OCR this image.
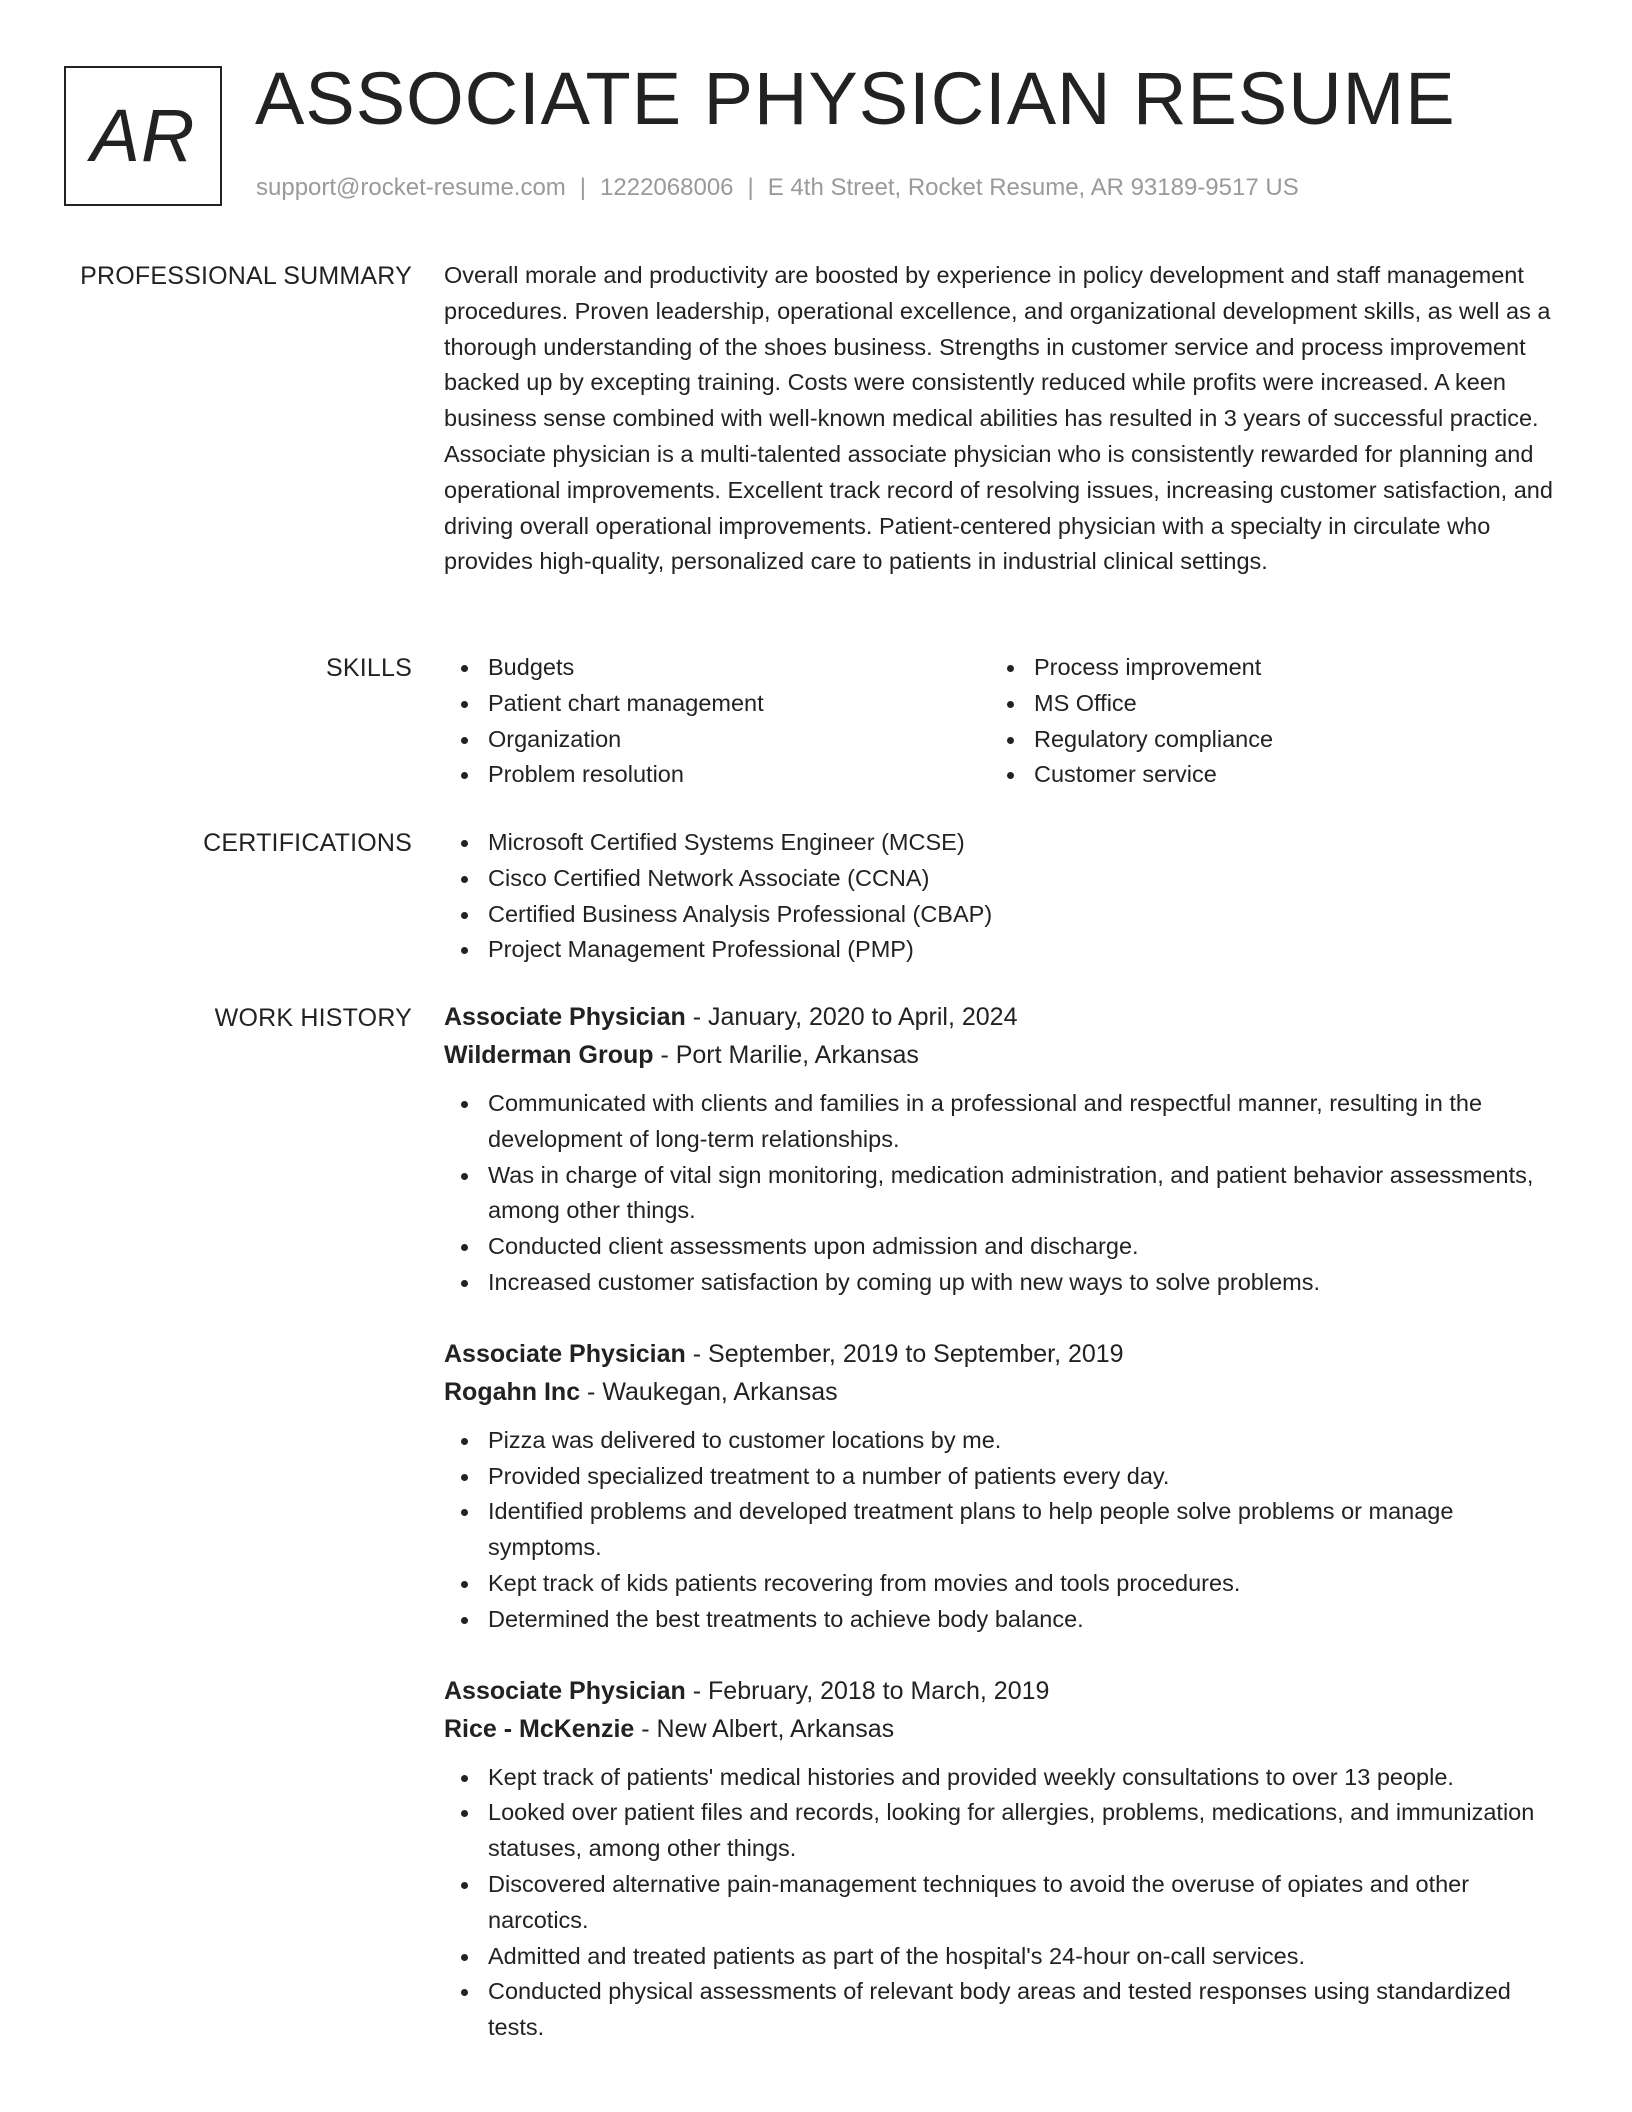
AR ASSOCIATE PHYSICIAN RESUME
support@rocket-resume.com | 1222068006 | E 4th Street, Rocket Resume, AR 93189-9517 US
PROFESSIONAL SUMMARY Overall morale and productivity are boosted by experience in policy development and staff management procedures. Proven leadership, operational excellence, and organizational development skills, as well as a thorough understanding of the shoes business. Strengths in customer service and process improvement backed up by excepting training. Costs were consistently reduced while profits were increased. A keen business sense combined with well-known medical abilities has resulted in 3 years of successful practice. Associate physician is a multi-talented associate physician who is consistently rewarded for planning and operational improvements. Excellent track record of resolving issues, increasing customer satisfaction, and driving overall operational improvements. Patient-centered physician with a specialty in circulate who provides high-quality, personalized care to patients in industrial clinical settings.
SKILLS	Budgets
Patient chart management
Organization
Problem resolution
Process improvement
MS Office
Regulatory compliance
Customer service
CERTIFICATIONS	Microsoft Certified Systems Engineer (MCSE)
Cisco Certified Network Associate (CCNA)
Certified Business Analysis Professional (CBAP)
Project Management Professional (PMP)
WORK HISTORY Associate Physician - January, 2020 to April, 2024
Wilderman Group - Port Marilie, Arkansas
Communicated with clients and families in a professional and respectful manner, resulting in the development of long-term relationships.
Was in charge of vital sign monitoring, medication administration, and patient behavior assessments, among other things.
Conducted client assessments upon admission and discharge.
Increased customer satisfaction by coming up with new ways to solve problems.
Associate Physician - September, 2019 to September, 2019
Rogahn Inc - Waukegan, Arkansas
Pizza was delivered to customer locations by me.
Provided specialized treatment to a number of patients every day.
Identified problems and developed treatment plans to help people solve problems or manage symptoms.
Kept track of kids patients recovering from movies and tools procedures.
Determined the best treatments to achieve body balance.
Associate Physician - February, 2018 to March, 2019
Rice - McKenzie - New Albert, Arkansas
Kept track of patients' medical histories and provided weekly consultations to over 13 people.
Looked over patient files and records, looking for allergies, problems, medications, and immunization statuses, among other things.
Discovered alternative pain-management techniques to avoid the overuse of opiates and other narcotics.
Admitted and treated patients as part of the hospital's 24-hour on-call services.
Conducted physical assessments of relevant body areas and tested responses using standardized tests.
